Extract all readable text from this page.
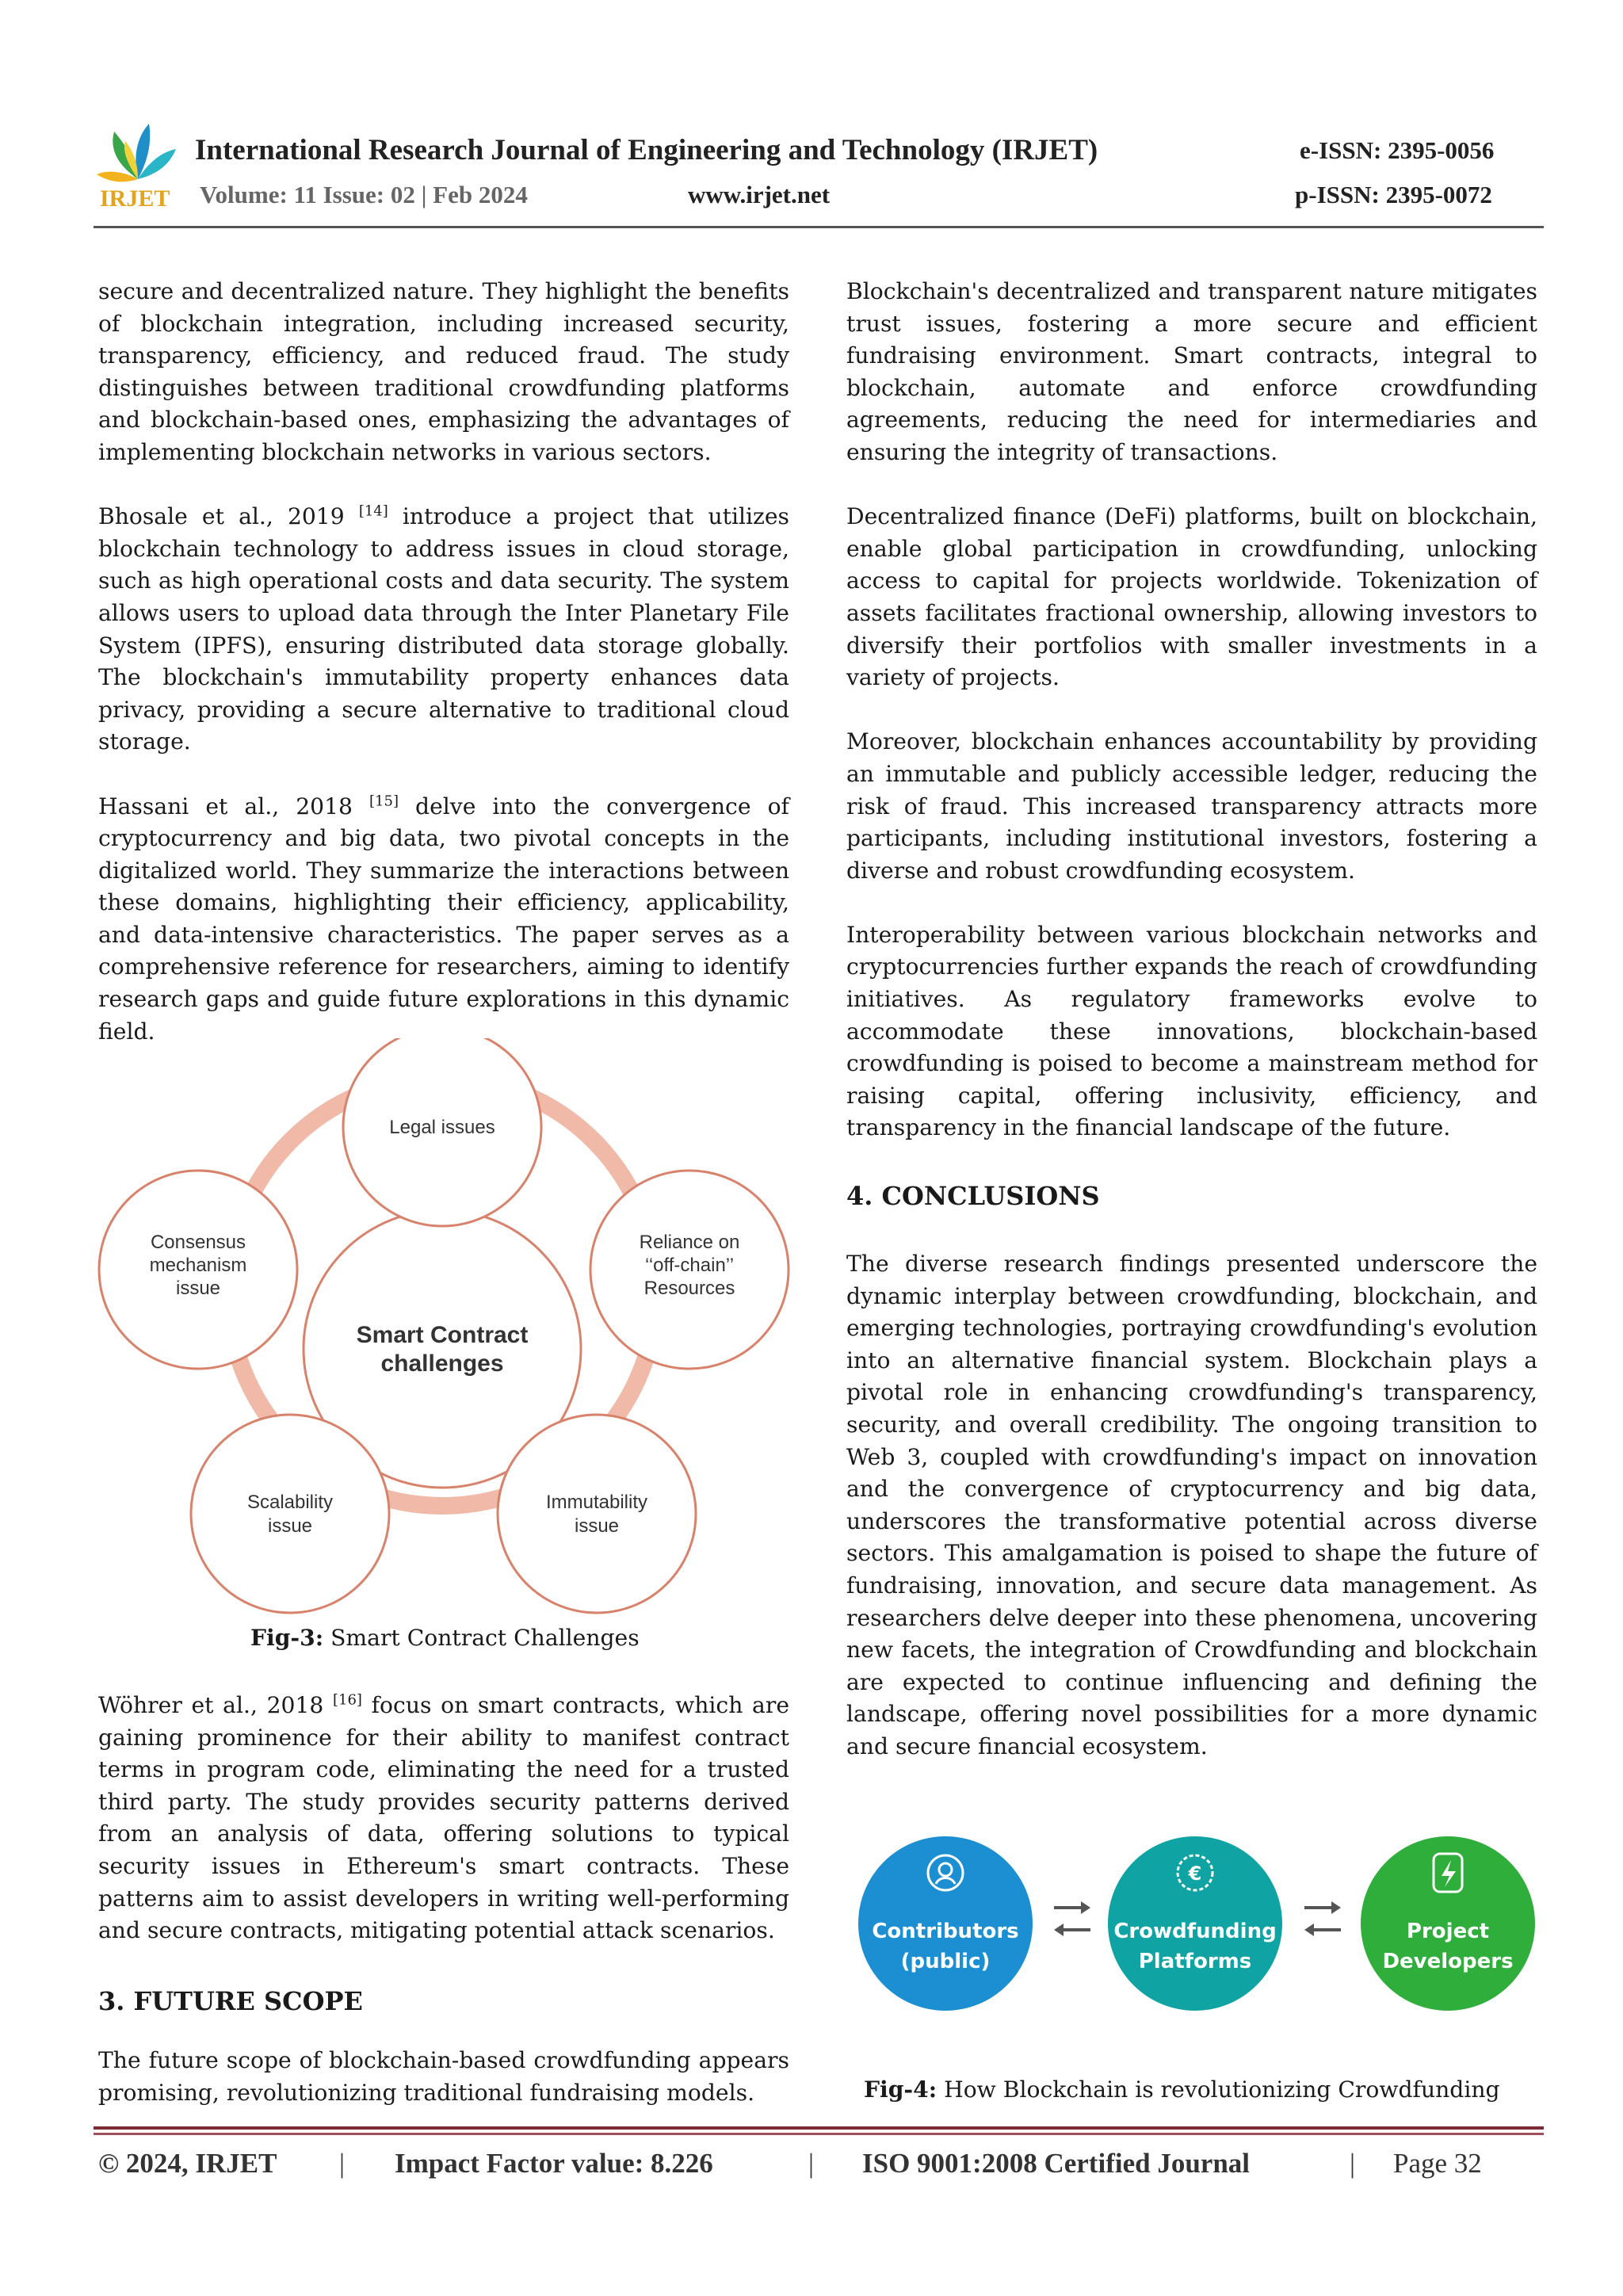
IRJET
International Research Journal of Engineering and Technology (IRJET)	e-ISSN: 2395-0056
Volume: 11 Issue: 02 | Feb 2024	www.irjet.net	p-ISSN: 2395-0072

secure and decentralized nature. They highlight the benefits of blockchain integration, including increased security, transparency, efficiency, and reduced fraud. The study distinguishes between traditional crowdfunding platforms and blockchain-based ones, emphasizing the advantages of implementing blockchain networks in various sectors.

Bhosale et al., 2019 [14] introduce a project that utilizes blockchain technology to address issues in cloud storage, such as high operational costs and data security. The system allows users to upload data through the Inter Planetary File System (IPFS), ensuring distributed data storage globally. The blockchain's immutability property enhances data privacy, providing a secure alternative to traditional cloud storage.

Hassani et al., 2018 [15] delve into the convergence of cryptocurrency and big data, two pivotal concepts in the digitalized world. They summarize the interactions between these domains, highlighting their efficiency, applicability, and data-intensive characteristics. The paper serves as a comprehensive reference for researchers, aiming to identify research gaps and guide future explorations in this dynamic field.

Smart Contract
challenges
Legal issues
Reliance on
‘‘off-chain’’
Resources
Immutability
issue
Scalability
issue
Consensus
mechanism
issue
Fig-3: Smart Contract Challenges

Wöhrer et al., 2018 [16] focus on smart contracts, which are gaining prominence for their ability to manifest contract terms in program code, eliminating the need for a trusted third party. The study provides security patterns derived from an analysis of data, offering solutions to typical security issues in Ethereum's smart contracts. These patterns aim to assist developers in writing well-performing and secure contracts, mitigating potential attack scenarios.

3. FUTURE SCOPE

The future scope of blockchain-based crowdfunding appears promising, revolutionizing traditional fundraising models.

Blockchain's decentralized and transparent nature mitigates trust issues, fostering a more secure and efficient fundraising environment. Smart contracts, integral to blockchain, automate and enforce crowdfunding agreements, reducing the need for intermediaries and ensuring the integrity of transactions.

Decentralized finance (DeFi) platforms, built on blockchain, enable global participation in crowdfunding, unlocking access to capital for projects worldwide. Tokenization of assets facilitates fractional ownership, allowing investors to diversify their portfolios with smaller investments in a variety of projects.

Moreover, blockchain enhances accountability by providing an immutable and publicly accessible ledger, reducing the risk of fraud. This increased transparency attracts more participants, including institutional investors, fostering a diverse and robust crowdfunding ecosystem.

Interoperability between various blockchain networks and cryptocurrencies further expands the reach of crowdfunding initiatives. As regulatory frameworks evolve to accommodate these innovations, blockchain-based crowdfunding is poised to become a mainstream method for raising capital, offering inclusivity, efficiency, and transparency in the financial landscape of the future.

4. CONCLUSIONS

The diverse research findings presented underscore the dynamic interplay between crowdfunding, blockchain, and emerging technologies, portraying crowdfunding's evolution into an alternative financial system. Blockchain plays a pivotal role in enhancing crowdfunding's transparency, security, and overall credibility. The ongoing transition to Web 3, coupled with crowdfunding's impact on innovation and the convergence of cryptocurrency and big data, underscores the transformative potential across diverse sectors. This amalgamation is poised to shape the future of fundraising, innovation, and secure data management. As researchers delve deeper into these phenomena, uncovering new facets, the integration of Crowdfunding and blockchain are expected to continue influencing and defining the landscape, offering novel possibilities for a more dynamic and secure financial ecosystem.

Contributors
(public)
€
Crowdfunding
Platforms
Project
Developers
Fig-4: How Blockchain is revolutionizing Crowdfunding
© 2024, IRJET | Impact Factor value: 8.226	| ISO 9001:2008 Certified Journal	| Page 32
